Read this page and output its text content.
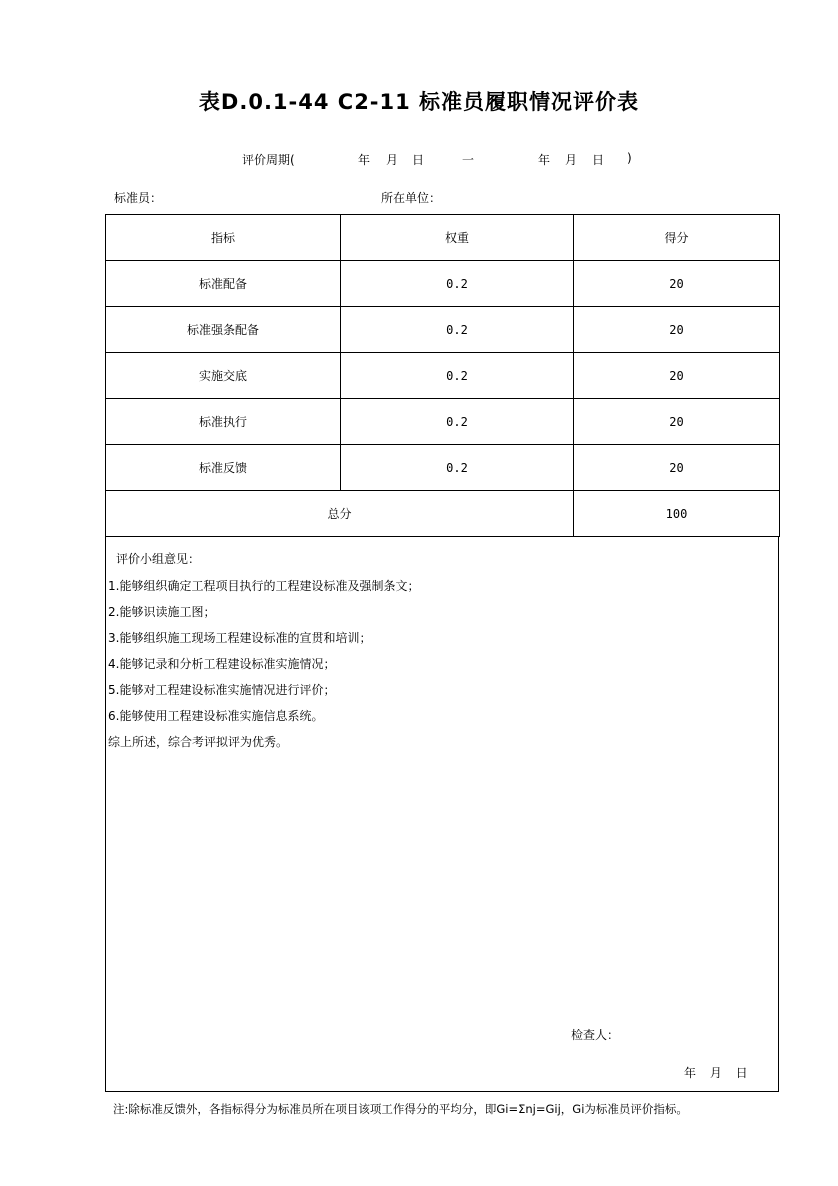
表D.0.1-44 C2-11 标准员履职情况评价表
评价周期(	年 月 日	一	年 月 日 )
标准员：	所在单位：
指标	权重	得分
标准配备	0.2	20
标准强条配备	0.2	20
实施交底	0.2	20
标准执行	0.2	20
标准反馈	0.2	20
总分		100
评价小组意见：
1.能够组织确定工程项目执行的工程建设标准及强制条文；
2.能够识读施工图；
3.能够组织施工现场工程建设标准的宣贯和培训；
4.能够记录和分析工程建设标准实施情况；
5.能够对工程建设标准实施情况进行评价；
6.能够使用工程建设标准实施信息系统。
综上所述，综合考评拟评为优秀。
检查人：
年 月 日
注:除标准反馈外，各指标得分为标准员所在项目该项工作得分的平均分，即Gi=Σnj=Gij，Gi为标准员评价指标。
